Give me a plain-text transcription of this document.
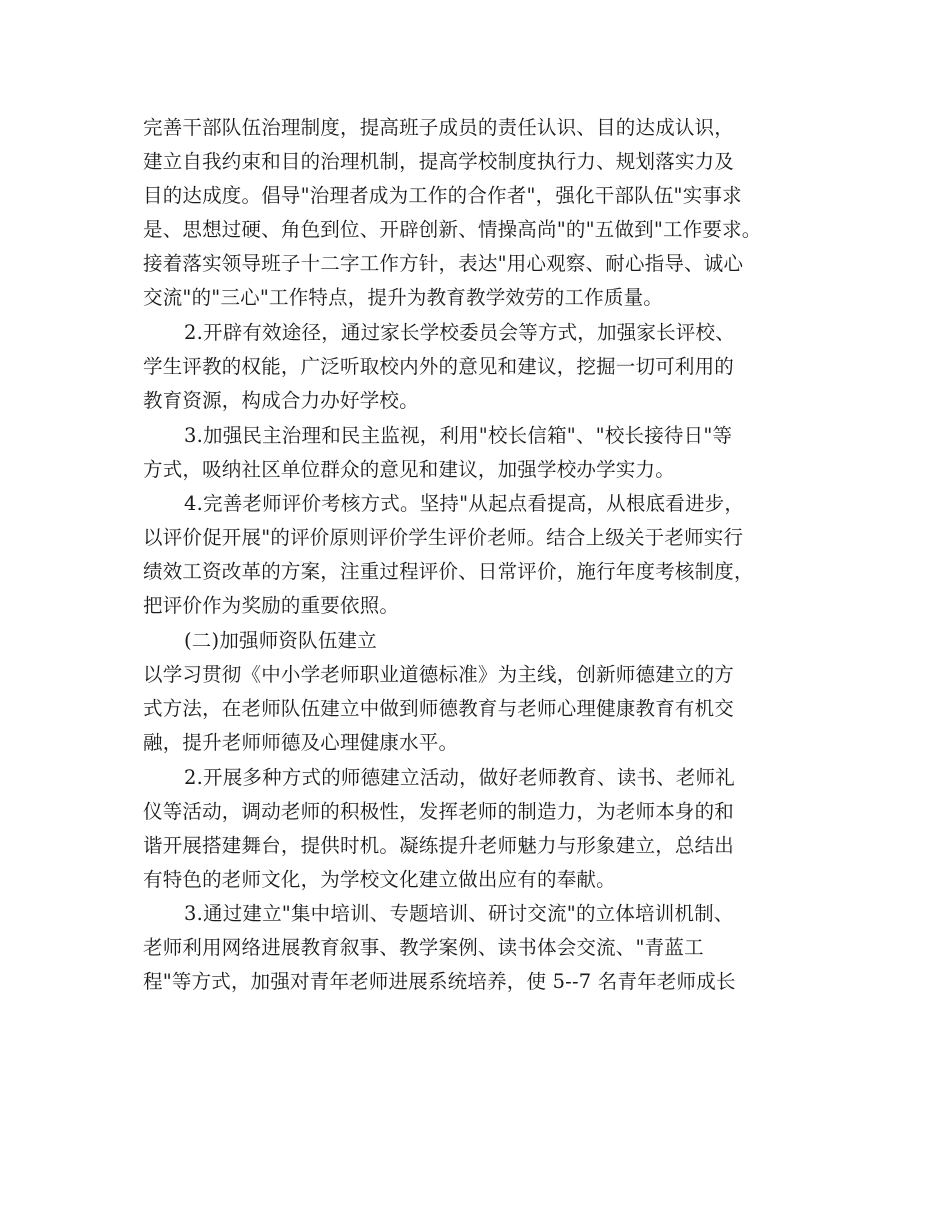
完善干部队伍治理制度，提高班子成员的责任认识、目的达成认识，
建立自我约束和目的治理机制，提高学校制度执行力、规划落实力及
目的达成度。倡导"治理者成为工作的合作者"，强化干部队伍"实事求
是、思想过硬、角色到位、开辟创新、情操高尚"的"五做到"工作要求。
接着落实领导班子十二字工作方针，表达"用心观察、耐心指导、诚心
交流"的"三心"工作特点，提升为教育教学效劳的工作质量。
2.开辟有效途径，通过家长学校委员会等方式，加强家长评校、
学生评教的权能，广泛听取校内外的意见和建议，挖掘一切可利用的
教育资源，构成合力办好学校。
3.加强民主治理和民主监视，利用"校长信箱"、"校长接待日"等
方式，吸纳社区单位群众的意见和建议，加强学校办学实力。
4.完善老师评价考核方式。坚持"从起点看提高，从根底看进步，
以评价促开展"的评价原则评价学生评价老师。结合上级关于老师实行
绩效工资改革的方案，注重过程评价、日常评价，施行年度考核制度，
把评价作为奖励的重要依照。
(二)加强师资队伍建立
以学习贯彻《中小学老师职业道德标准》为主线，创新师德建立的方
式方法，在老师队伍建立中做到师德教育与老师心理健康教育有机交
融，提升老师师德及心理健康水平。
2.开展多种方式的师德建立活动，做好老师教育、读书、老师礼
仪等活动，调动老师的积极性，发挥老师的制造力，为老师本身的和
谐开展搭建舞台，提供时机。凝练提升老师魅力与形象建立，总结出
有特色的老师文化，为学校文化建立做出应有的奉献。
3.通过建立"集中培训、专题培训、研讨交流"的立体培训机制、
老师利用网络进展教育叙事、教学案例、读书体会交流、"青蓝工
程"等方式，加强对青年老师进展系统培养，使 5--7 名青年老师成长
